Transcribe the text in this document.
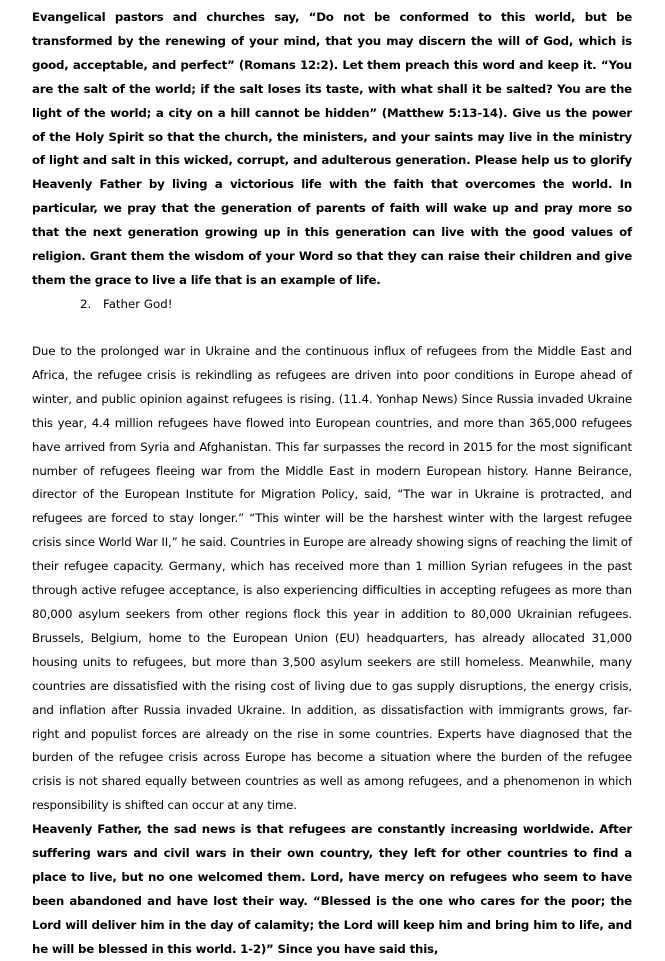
Evangelical pastors and churches say, “Do not be conformed to this world, but be transformed by the renewing of your mind, that you may discern the will of God, which is good, acceptable, and perfect” (Romans 12:2). Let them preach this word and keep it. “You are the salt of the world; if the salt loses its taste, with what shall it be salted? You are the light of the world; a city on a hill cannot be hidden” (Matthew 5:13-14). Give us the power of the Holy Spirit so that the church, the ministers, and your saints may live in the ministry of light and salt in this wicked, corrupt, and adulterous generation. Please help us to glorify Heavenly Father by living a victorious life with the faith that overcomes the world. In particular, we pray that the generation of parents of faith will wake up and pray more so that the next generation growing up in this generation can live with the good values of religion. Grant them the wisdom of your Word so that they can raise their children and give them the grace to live a life that is an example of life.

2. Father God!

Due to the prolonged war in Ukraine and the continuous influx of refugees from the Middle East and Africa, the refugee crisis is rekindling as refugees are driven into poor conditions in Europe ahead of winter, and public opinion against refugees is rising. (11.4. Yonhap News) Since Russia invaded Ukraine this year, 4.4 million refugees have flowed into European countries, and more than 365,000 refugees have arrived from Syria and Afghanistan. This far surpasses the record in 2015 for the most significant number of refugees fleeing war from the Middle East in modern European history. Hanne Beirance, director of the European Institute for Migration Policy, said, “The war in Ukraine is protracted, and refugees are forced to stay longer.” “This winter will be the harshest winter with the largest refugee crisis since World War II,” he said. Countries in Europe are already showing signs of reaching the limit of their refugee capacity. Germany, which has received more than 1 million Syrian refugees in the past through active refugee acceptance, is also experiencing difficulties in accepting refugees as more than 80,000 asylum seekers from other regions flock this year in addition to 80,000 Ukrainian refugees. Brussels, Belgium, home to the European Union (EU) headquarters, has already allocated 31,000 housing units to refugees, but more than 3,500 asylum seekers are still homeless. Meanwhile, many countries are dissatisfied with the rising cost of living due to gas supply disruptions, the energy crisis, and inflation after Russia invaded Ukraine. In addition, as dissatisfaction with immigrants grows, far-right and populist forces are already on the rise in some countries. Experts have diagnosed that the burden of the refugee crisis across Europe has become a situation where the burden of the refugee crisis is not shared equally between countries as well as among refugees, and a phenomenon in which responsibility is shifted can occur at any time.

Heavenly Father, the sad news is that refugees are constantly increasing worldwide. After suffering wars and civil wars in their own country, they left for other countries to find a place to live, but no one welcomed them. Lord, have mercy on refugees who seem to have been abandoned and have lost their way. “Blessed is the one who cares for the poor; the Lord will deliver him in the day of calamity; the Lord will keep him and bring him to life, and he will be blessed in this world. 1-2)” Since you have said this,
